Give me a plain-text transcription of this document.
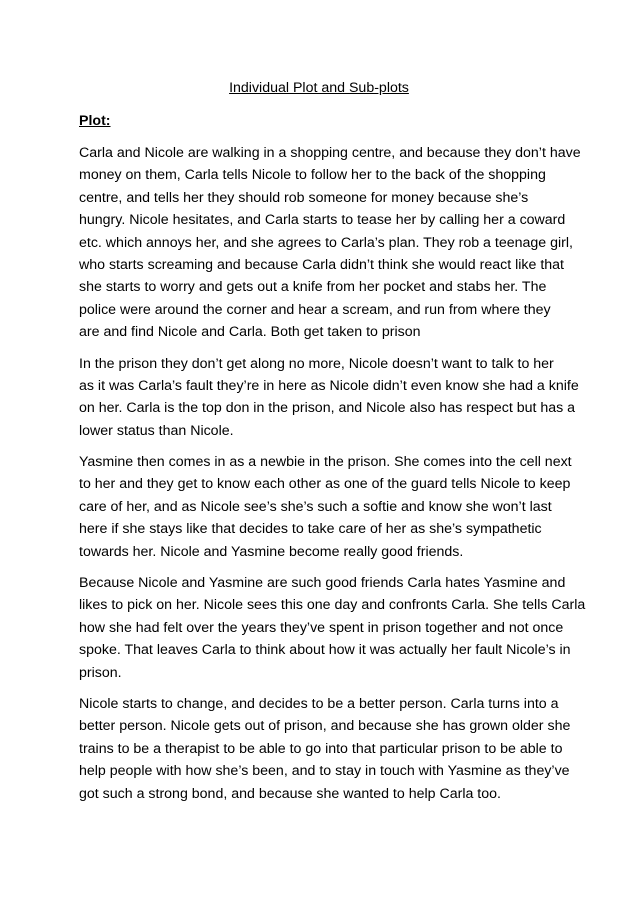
Individual Plot and Sub-plots
Plot:
Carla and Nicole are walking in a shopping centre, and because they don’t have
money on them, Carla tells Nicole to follow her to the back of the shopping
centre, and tells her they should rob someone for money because she’s
hungry. Nicole hesitates, and Carla starts to tease her by calling her a coward
etc. which annoys her, and she agrees to Carla’s plan. They rob a teenage girl,
who starts screaming and because Carla didn’t think she would react like that
she starts to worry and gets out a knife from her pocket and stabs her. The
police were around the corner and hear a scream, and run from where they
are and find Nicole and Carla. Both get taken to prison
In the prison they don’t get along no more, Nicole doesn’t want to talk to her
as it was Carla’s fault they’re in here as Nicole didn’t even know she had a knife
on her. Carla is the top don in the prison, and Nicole also has respect but has a
lower status than Nicole.
Yasmine then comes in as a newbie in the prison. She comes into the cell next
to her and they get to know each other as one of the guard tells Nicole to keep
care of her, and as Nicole see’s she’s such a softie and know she won’t last
here if she stays like that decides to take care of her as she’s sympathetic
towards her. Nicole and Yasmine become really good friends.
Because Nicole and Yasmine are such good friends Carla hates Yasmine and
likes to pick on her. Nicole sees this one day and confronts Carla. She tells Carla
how she had felt over the years they’ve spent in prison together and not once
spoke. That leaves Carla to think about how it was actually her fault Nicole’s in
prison.
Nicole starts to change, and decides to be a better person. Carla turns into a
better person. Nicole gets out of prison, and because she has grown older she
trains to be a therapist to be able to go into that particular prison to be able to
help people with how she’s been, and to stay in touch with Yasmine as they’ve
got such a strong bond, and because she wanted to help Carla too.
